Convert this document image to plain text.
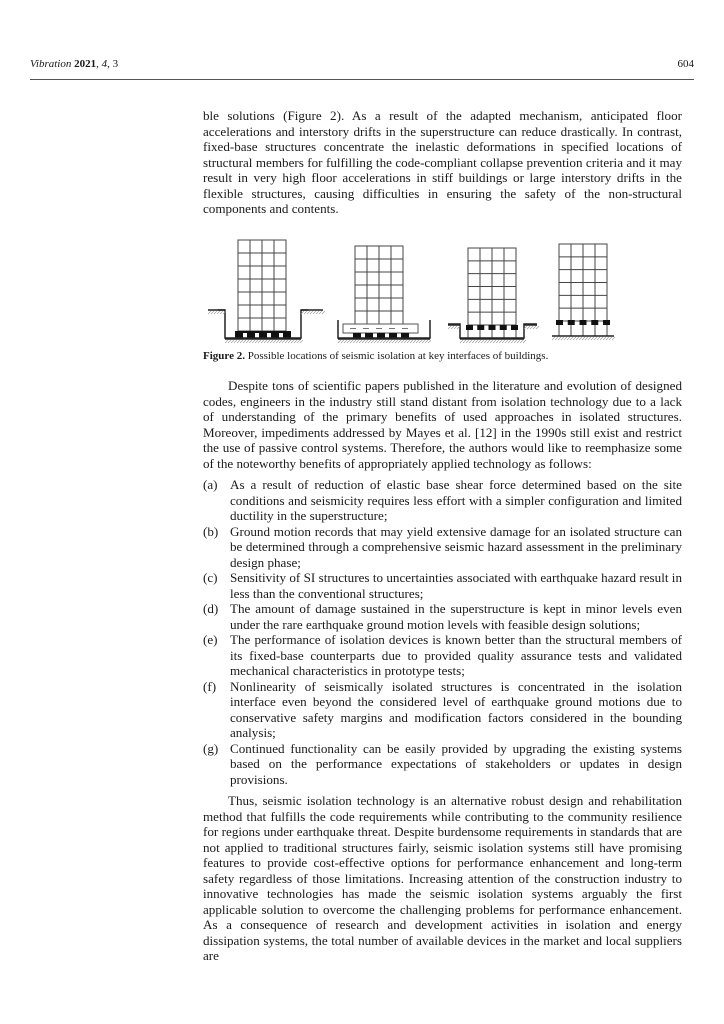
Vibration 2021, 4, 3	604

ble solutions (Figure 2). As a result of the adapted mechanism, anticipated floor accelerations and interstory drifts in the superstructure can reduce drastically. In contrast, fixed-base structures concentrate the inelastic deformations in specified locations of structural members for fulfilling the code-compliant collapse prevention criteria and it may result in very high floor accelerations in stiff buildings or large interstory drifts in the flexible structures, causing difficulties in ensuring the safety of the non-structural components and contents.

Figure 2. Possible locations of seismic isolation at key interfaces of buildings.

Despite tons of scientific papers published in the literature and evolution of designed codes, engineers in the industry still stand distant from isolation technology due to a lack of understanding of the primary benefits of used approaches in isolated structures. Moreover, impediments addressed by Mayes et al. [12] in the 1990s still exist and restrict the use of passive control systems. Therefore, the authors would like to reemphasize some of the noteworthy benefits of appropriately applied technology as follows:

(a) As a result of reduction of elastic base shear force determined based on the site conditions and seismicity requires less effort with a simpler configuration and limited ductility in the superstructure;
(b) Ground motion records that may yield extensive damage for an isolated structure can be determined through a comprehensive seismic hazard assessment in the preliminary design phase;
(c) Sensitivity of SI structures to uncertainties associated with earthquake hazard result in less than the conventional structures;
(d) The amount of damage sustained in the superstructure is kept in minor levels even under the rare earthquake ground motion levels with feasible design solutions;
(e) The performance of isolation devices is known better than the structural members of its fixed-base counterparts due to provided quality assurance tests and validated mechanical characteristics in prototype tests;
(f)	Nonlinearity of seismically isolated structures is concentrated in the isolation interface even beyond the considered level of earthquake ground motions due to conservative safety margins and modification factors considered in the bounding analysis;
(g) Continued functionality can be easily provided by upgrading the existing systems based on the performance expectations of stakeholders or updates in design provisions.

Thus, seismic isolation technology is an alternative robust design and rehabilitation method that fulfills the code requirements while contributing to the community resilience for regions under earthquake threat. Despite burdensome requirements in standards that are not applied to traditional structures fairly, seismic isolation systems still have promising features to provide cost-effective options for performance enhancement and long-term safety regardless of those limitations. Increasing attention of the construction industry to innovative technologies has made the seismic isolation systems arguably the first applicable solution to overcome the challenging problems for performance enhancement. As a consequence of research and development activities in isolation and energy dissipation systems, the total number of available devices in the market and local suppliers are
